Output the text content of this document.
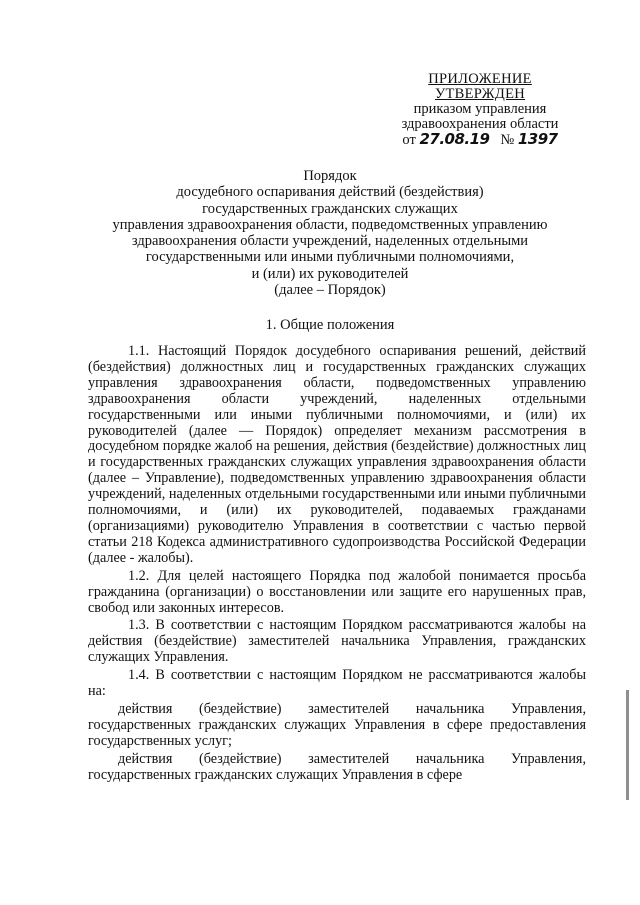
ПРИЛОЖЕНИЕ
УТВЕРЖДЕН
приказом управления
здравоохранения области
от 27.08.19 № 1397
Порядок
досудебного оспаривания действий (бездействия)
государственных гражданских служащих
управления здравоохранения области, подведомственных управлению
здравоохранения области учреждений, наделенных отдельными
государственными или иными публичными полномочиями,
и (или) их руководителей
(далее – Порядок)
1. Общие положения

1.1. Настоящий Порядок досудебного оспаривания решений, действий (бездействия) должностных лиц и государственных гражданских служащих управления здравоохранения области, подведомственных управлению здравоохранения области учреждений, наделенных отдельными государственными или иными публичными полномочиями, и (или) их руководителей (далее — Порядок) определяет механизм рассмотрения в досудебном порядке жалоб на решения, действия (бездействие) должностных лиц и государственных гражданских служащих управления здравоохранения области (далее – Управление), подведомственных управлению здравоохранения области учреждений, наделенных отдельными государственными или иными публичными полномочиями, и (или) их руководителей, подаваемых гражданами (организациями) руководителю Управления в соответствии с частью первой статьи 218 Кодекса административного судопроизводства Российской Федерации (далее - жалобы).

1.2. Для целей настоящего Порядка под жалобой понимается просьба гражданина (организации) о восстановлении или защите его нарушенных прав, свобод или законных интересов.

1.3. В соответствии с настоящим Порядком рассматриваются жалобы на действия (бездействие) заместителей начальника Управления, гражданских служащих Управления.

1.4. В соответствии с настоящим Порядком не рассматриваются жалобы на:

действия (бездействие) заместителей начальника Управления, государственных гражданских служащих Управления в сфере предоставления государственных услуг;

действия (бездействие) заместителей начальника Управления, государственных гражданских служащих Управления в сфере
